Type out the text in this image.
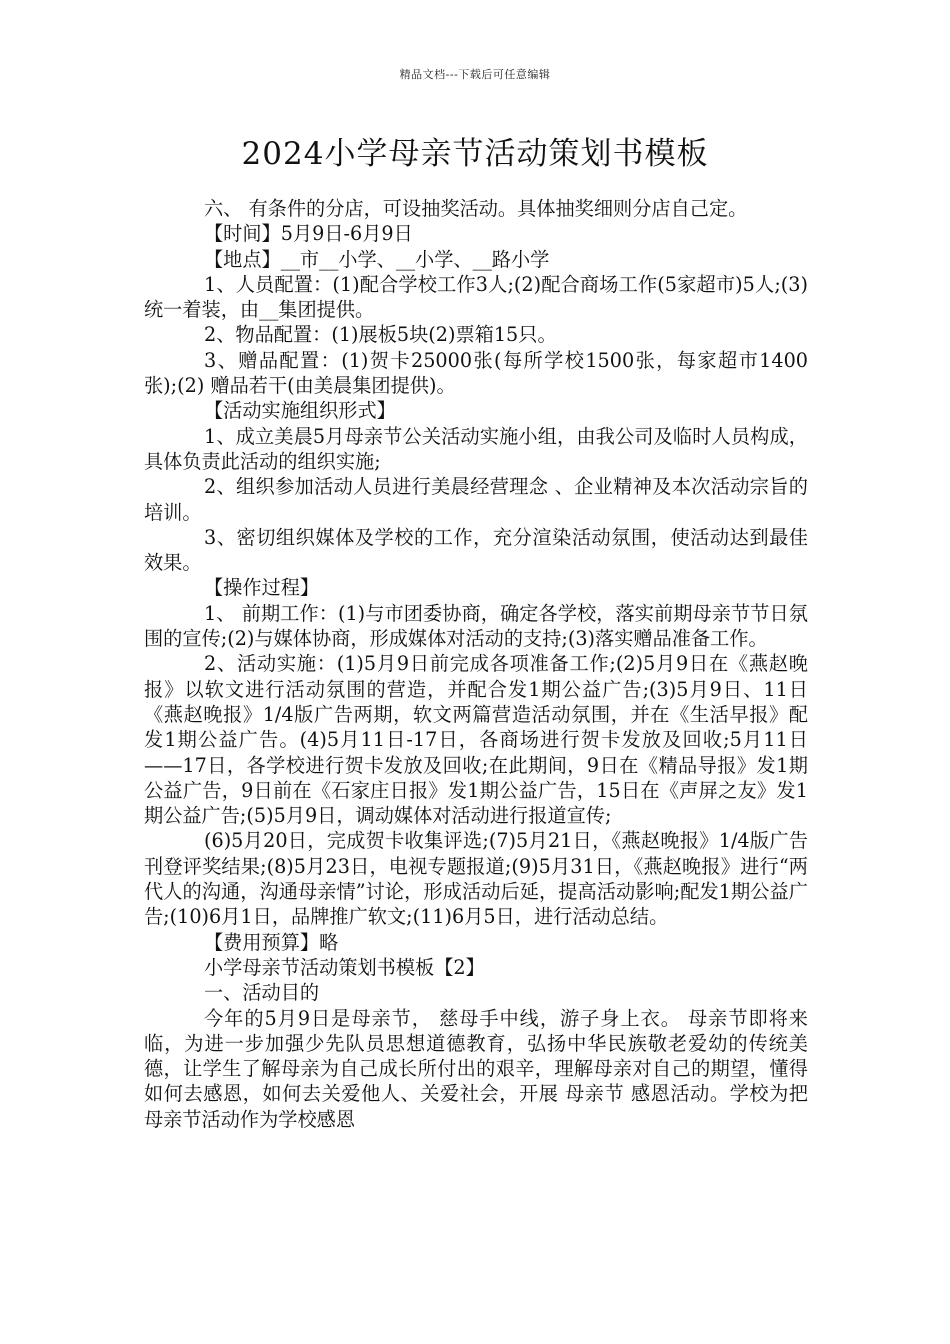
精品文档---下载后可任意编辑
2024小学母亲节活动策划书模板

六、 有条件的分店，可设抽奖活动。具体抽奖细则分店自己定。

【时间】5月9日-6月9日

【地点】__市__小学、__小学、__路小学

1、人员配置：(1)配合学校工作3人;(2)配合商场工作(5家超市)5人;(3)统一着装，由__集团提供。

2、物品配置：(1)展板5块(2)票箱15只。

3、赠品配置：(1)贺卡25000张(每所学校1500张，每家超市1400 张);(2) 赠品若干(由美晨集团提供)。

【活动实施组织形式】

1、成立美晨5月母亲节公关活动实施小组，由我公司及临时人员构成，具体负责此活动的组织实施;

2、组织参加活动人员进行美晨经营理念 、企业精神及本次活动宗旨的培训。

3、密切组织媒体及学校的工作，充分渲染活动氛围，使活动达到最佳效果。

【操作过程】

1、 前期工作：(1)与市团委协商，确定各学校，落实前期母亲节节日氛围的宣传;(2)与媒体协商，形成媒体对活动的支持;(3)落实赠品准备工作。

2、活动实施：(1)5月9日前完成各项准备工作;(2)5月9日在《燕赵晚报》以软文进行活动氛围的营造，并配合发1期公益广告;(3)5月9日、11日《燕赵晚报》1/4版广告两期，软文两篇营造活动氛围，并在《生活早报》配发1期公益广告。(4)5月11日-17日，各商场进行贺卡发放及回收;5月11日——17日，各学校进行贺卡发放及回收;在此期间，9日在《精品导报》发1期公益广告，9日前在《石家庄日报》发1期公益广告，15日在《声屏之友》发1期公益广告;(5)5月9日，调动媒体对活动进行报道宣传;

(6)5月20日，完成贺卡收集评选;(7)5月21日，《燕赵晚报》1/4版广告刊登评奖结果;(8)5月23日，电视专题报道;(9)5月31日，《燕赵晚报》进行“两代人的沟通，沟通母亲情”讨论，形成活动后延，提高活动影响;配发1期公益广告;(10)6月1日，品牌推广软文;(11)6月5日，进行活动总结。

【费用预算】略

小学母亲节活动策划书模板【2】

一、活动目的

今年的5月9日是母亲节， 慈母手中线，游子身上衣。 母亲节即将来临，为进一步加强少先队员思想道德教育，弘扬中华民族敬老爱幼的传统美德，让学生了解母亲为自己成长所付出的艰辛，理解母亲对自己的期望，懂得如何去感恩，如何去关爱他人、关爱社会，开展 母亲节 感恩活动。学校为把母亲节活动作为学校感恩
